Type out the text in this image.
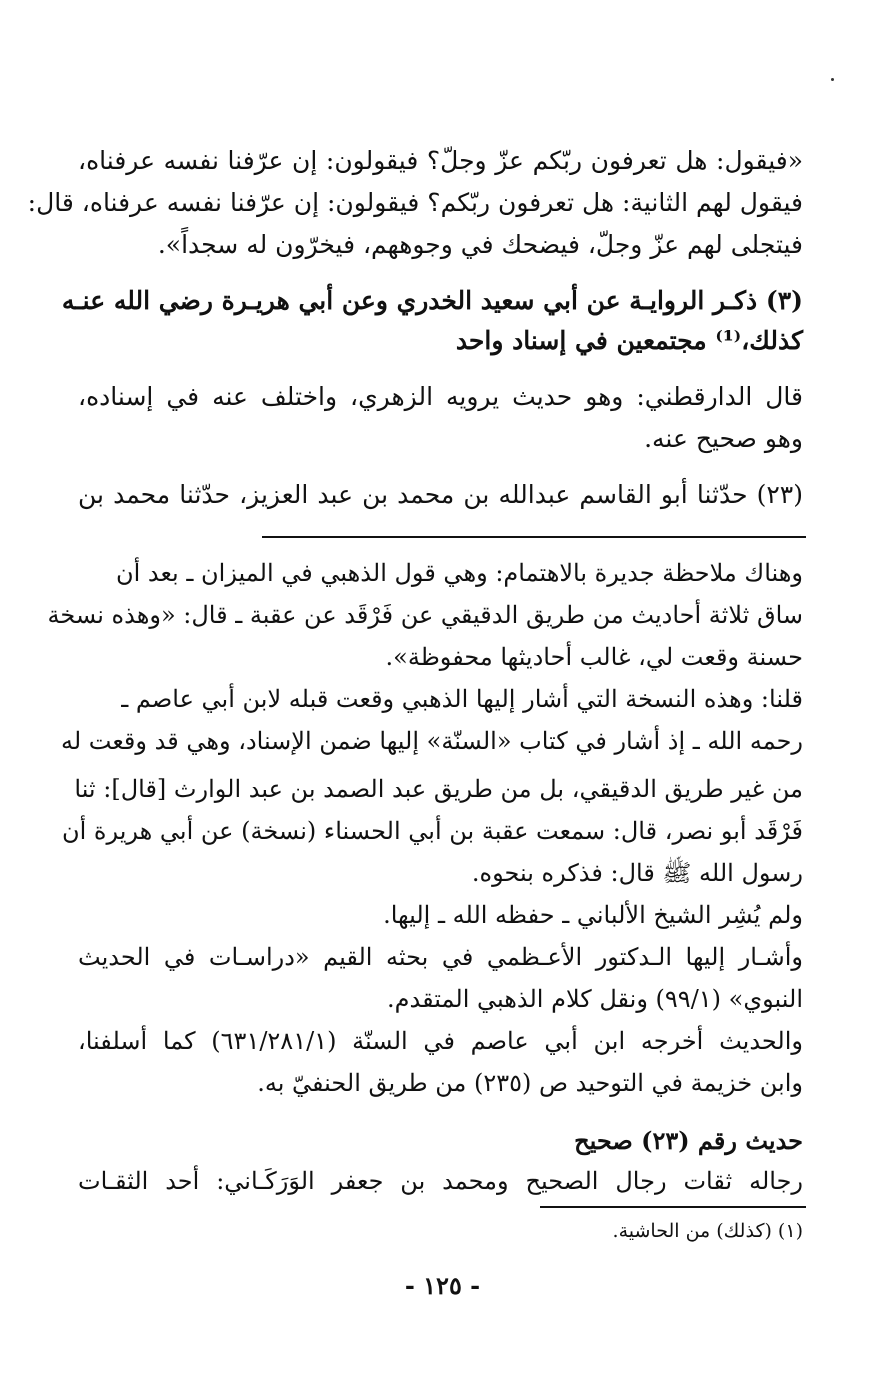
«فيقول: هل تعرفون ربّكم عزّ وجلّ؟ فيقولون: إن عرّفنا نفسه عرفناه،
فيقول لهم الثانية: هل تعرفون ربّكم؟ فيقولون: إن عرّفنا نفسه عرفناه، قال:
فيتجلى لهم عزّ وجلّ، فيضحك في وجوههم، فيخرّون له سجداً».
(٣) ذكـر الروايـة عن أبي سعيد الخدري وعن أبي هريـرة رضي الله عنـه
كذلك،⁽¹⁾ مجتمعين في إسناد واحد
قال الدارقطني: وهو حديث يرويه الزهري، واختلف عنه في إسناده،
وهو صحيح عنه.
(٢٣) حدّثنا أبو القاسم عبدالله بن محمد بن عبد العزيز، حدّثنا محمد بن
وهناك ملاحظة جديرة بالاهتمام: وهي قول الذهبي في الميزان ـ بعد أن
ساق ثلاثة أحاديث من طريق الدقيقي عن فَرْقَد عن عقبة ـ قال: «وهذه نسخة
حسنة وقعت لي، غالب أحاديثها محفوظة».
قلنا: وهذه النسخة التي أشار إليها الذهبي وقعت قبله لابن أبي عاصم ـ
رحمه الله ـ إذ أشار في كتاب «السنّة» إليها ضمن الإسناد، وهي قد وقعت له
من غير طريق الدقيقي، بل من طريق عبد الصمد بن عبد الوارث [قال]: ثنا
فَرْقَد أبو نصر، قال: سمعت عقبة بن أبي الحسناء (نسخة) عن أبي هريرة أن
رسول الله ﷺ قال: فذكره بنحوه.
ولم يُشِر الشيخ الألباني ـ حفظه الله ـ إليها.
وأشـار إليها الـدكتور الأعـظمي في بحثه القيم «دراسـات في الحديث
النبوي» (٩٩/١) ونقل كلام الذهبي المتقدم.
والحديث أخرجه ابن أبي عاصم في السنّة (٦٣١/٢٨١/١) كما أسلفنا،
وابن خزيمة في التوحيد ص (٢٣٥) من طريق الحنفيّ به.
حديث رقم (٢٣) صحيح
رجاله ثقات رجال الصحيح ومحمد بن جعفر الوَرَكَـاني: أحد الثقـات
(١) (كذلك) من الحاشية.
- ١٢٥ -
